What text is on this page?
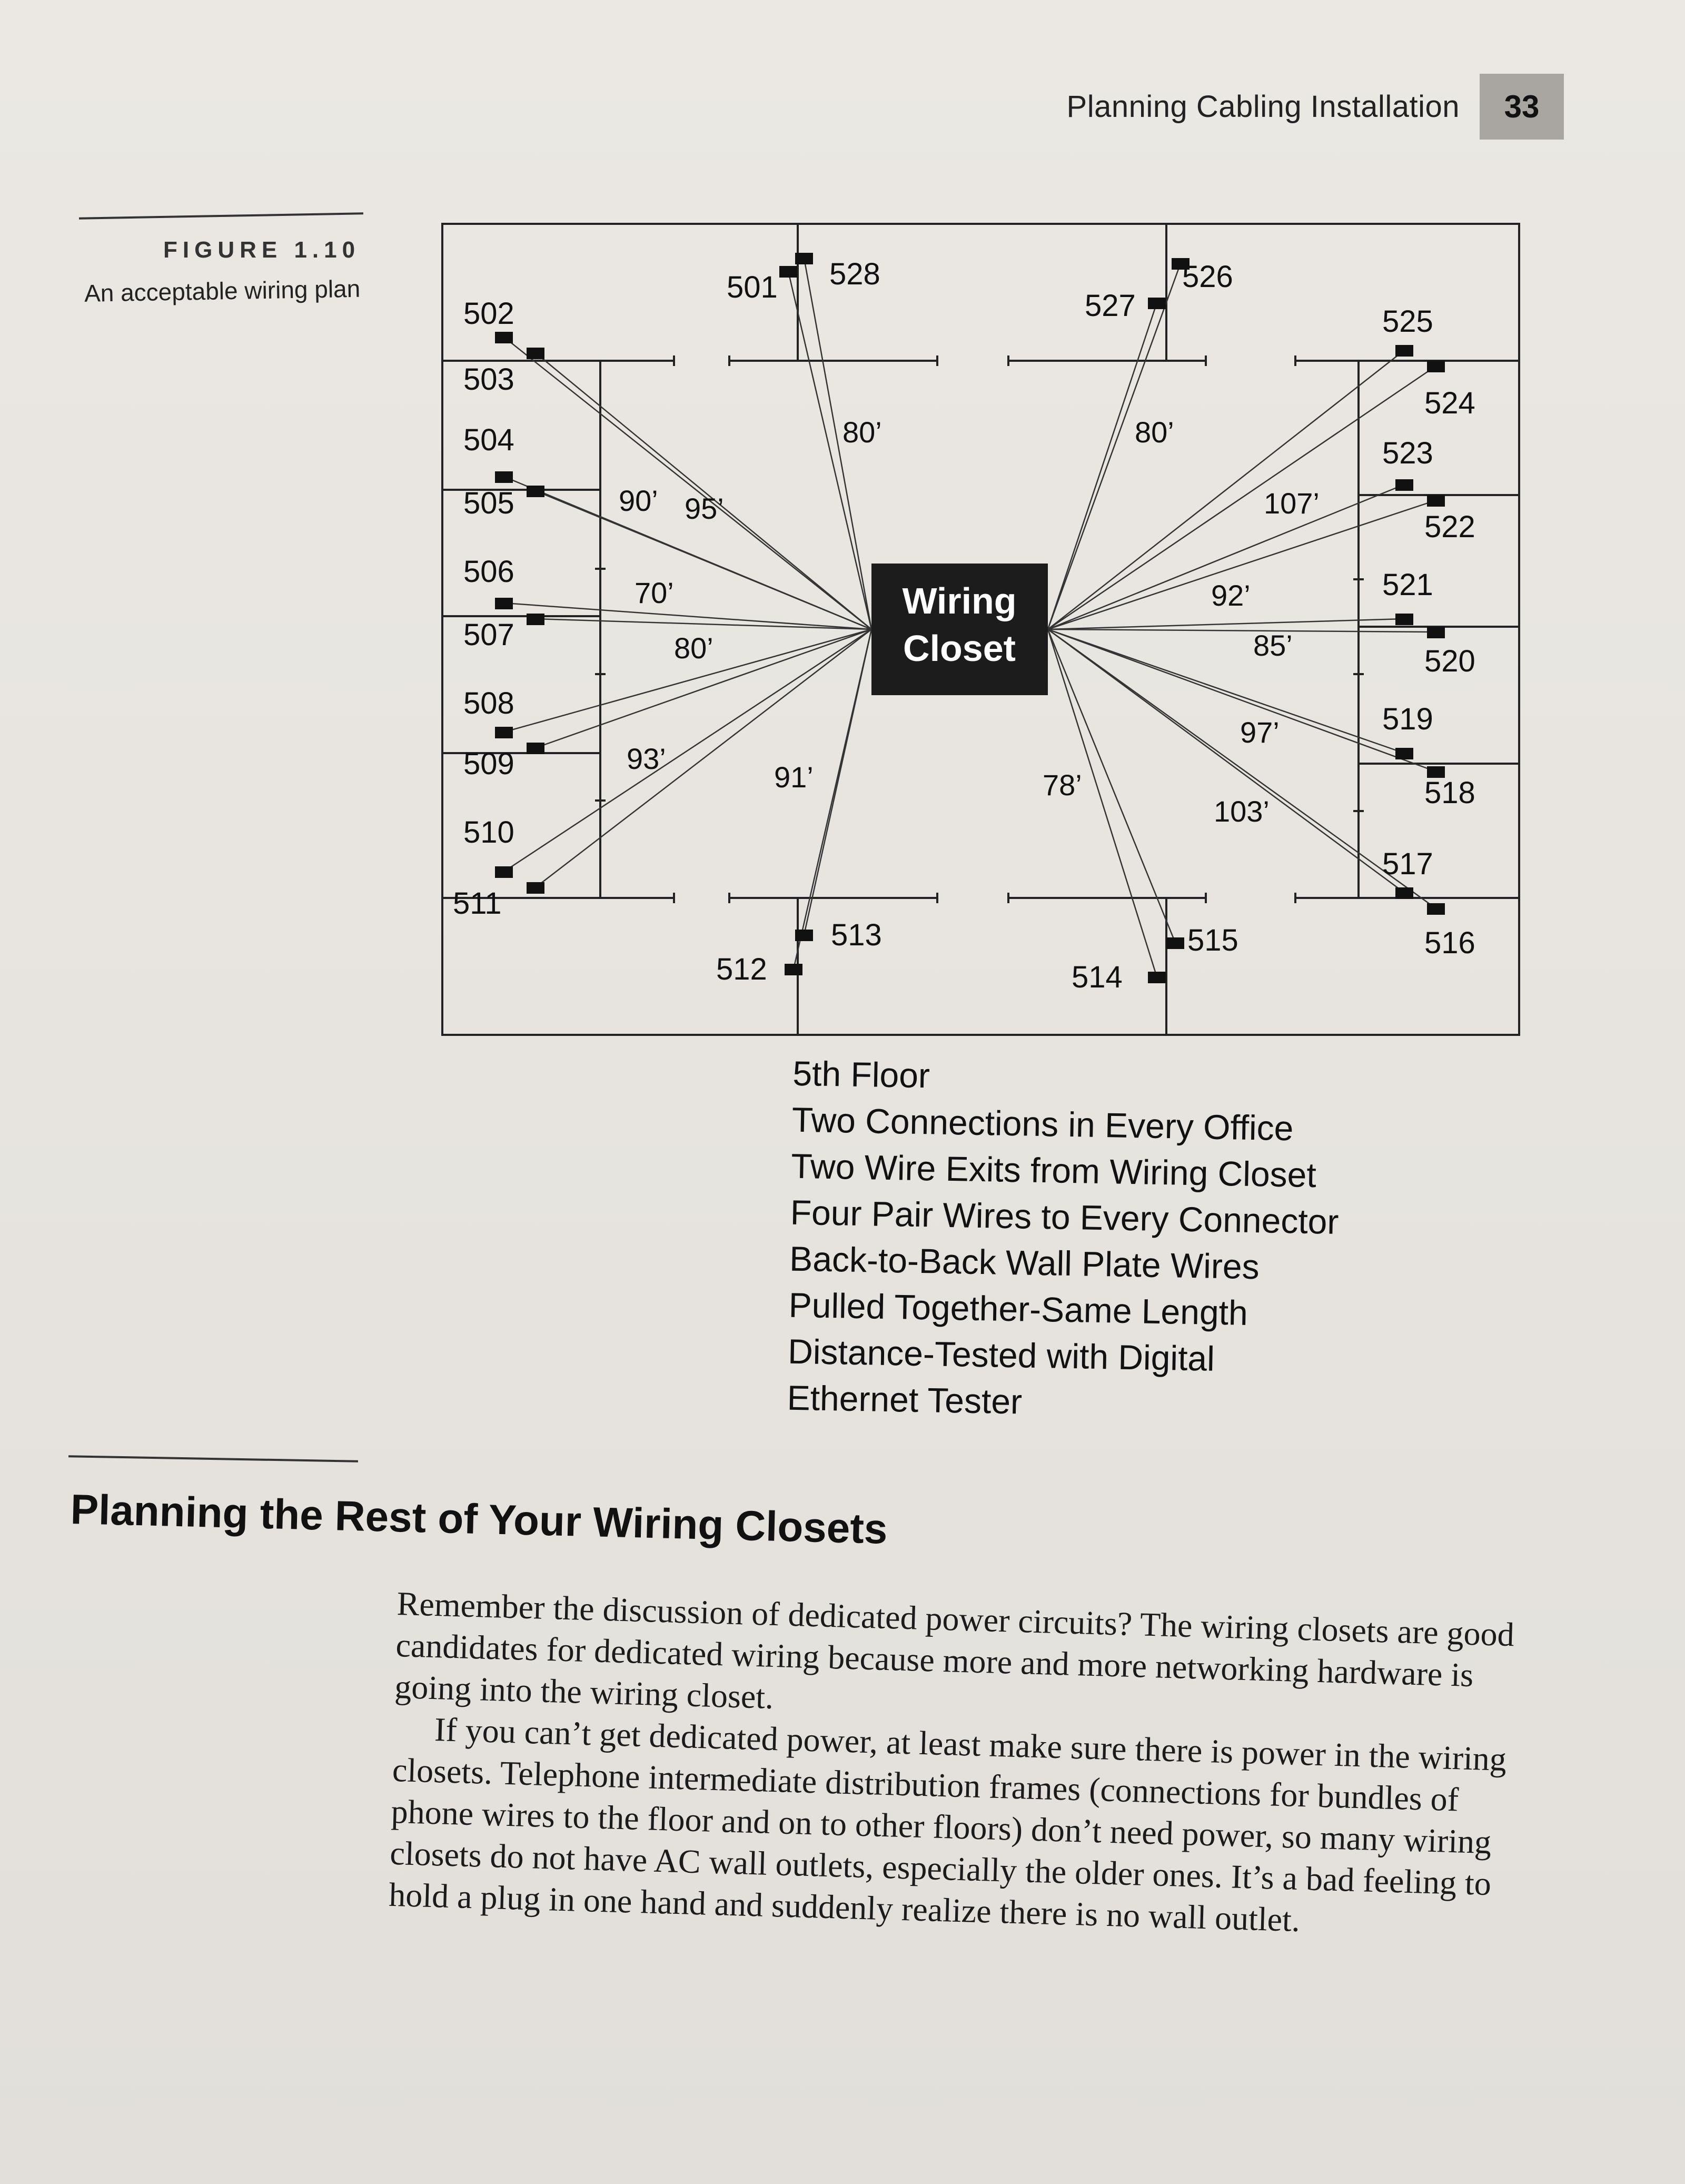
Planning Cabling Installation	33
FIGURE 1.10
An acceptable wiring plan	501
502
503
504
505
506
507
508
509
510
511
512
513
514
515	516
517
518
519
520
521
522
523
524
525
526
527
528
90’ 95’
80’
70’
80’
93’
91’
80’
107’
92’
85’
97’
103’
78’
Wiring
Closet
5th Floor
Two Connections in Every Office
Two Wire Exits from Wiring Closet
Four Pair Wires to Every Connector
Back-to-Back Wall Plate Wires
Pulled Together-Same Length
Distance-Tested with Digital
Ethernet Tester
Planning the Rest of Your Wiring Closets

Remember the discussion of dedicated power circuits? The wiring closets are good candidates for dedicated wiring because more and more networking hardware is going into the wiring closet.

If you can’t get dedicated power, at least make sure there is power in the wiring closets. Telephone intermediate distribution frames (connections for bundles of phone wires to the floor and on to other floors) don’t need power, so many wiring closets do not have AC wall outlets, especially the older ones. It’s a bad feeling to hold a plug in one hand and suddenly realize there is no wall outlet.
